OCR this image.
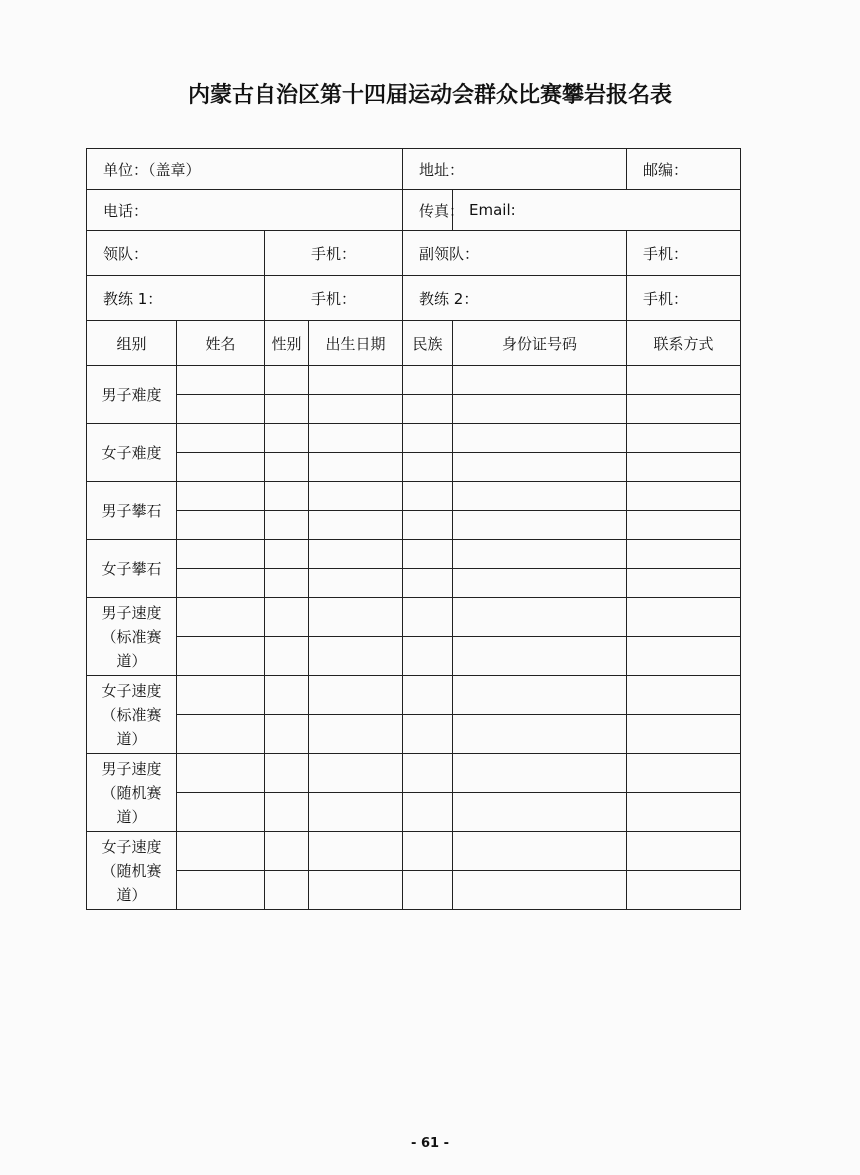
内蒙古自治区第十四届运动会群众比赛攀岩报名表
单位：（盖章）				地址：		邮编：
电话：				传真：	Email:	
领队：		手机：		副领队：		手机：
教练 1：		手机：		教练 2：		手机：
组别	姓名	性别	出生日期	民族	身份证号码	联系方式
男子难度						

女子难度						

男子攀石						

女子攀石						

男子速度（标准赛道）						

女子速度（标准赛道）						

男子速度（随机赛道）						

女子速度（随机赛道）						

- 61 -
